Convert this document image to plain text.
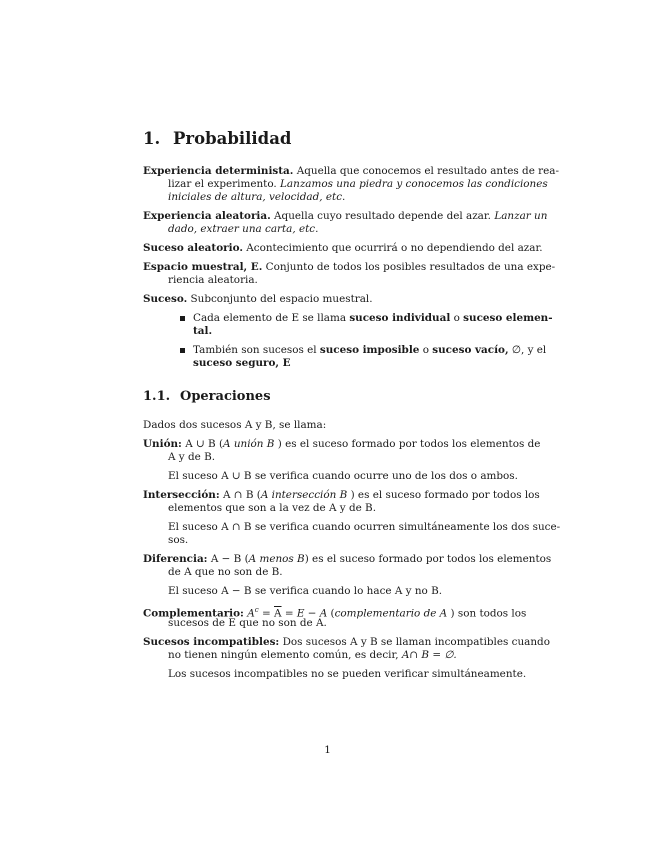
1. Probabilidad
Experiencia determinista. Aquella que conocemos el resultado antes de rea-
lizar el experimento. Lanzamos una piedra y conocemos las condiciones
iniciales de altura, velocidad, etc.
Experiencia aleatoria. Aquella cuyo resultado depende del azar. Lanzar un
dado, extraer una carta, etc.
Suceso aleatorio. Acontecimiento que ocurrirá o no dependiendo del azar.
Espacio muestral, E. Conjunto de todos los posibles resultados de una expe-
riencia aleatoria.
Suceso. Subconjunto del espacio muestral.
Cada elemento de E se llama suceso individual o suceso elemen-
tal.
También son sucesos el suceso imposible o suceso vacío, ∅, y el
suceso seguro, E
1.1. Operaciones
Dados dos sucesos A y B, se llama:
Unión: A ∪ B (A unión B ) es el suceso formado por todos los elementos de
A y de B.
El suceso A ∪ B se verifica cuando ocurre uno de los dos o ambos.
Intersección: A ∩ B (A intersección B ) es el suceso formado por todos los
elementos que son a la vez de A y de B.
El suceso A ∩ B se verifica cuando ocurren simultáneamente los dos suce-
sos.
Diferencia: A − B (A menos B) es el suceso formado por todos los elementos
de A que no son de B.
El suceso A − B se verifica cuando lo hace A y no B.
Complementario: $A^c = \overline{A} = E - A$ (complementario de A ) son todos los
sucesos de E que no son de A.
Sucesos incompatibles: Dos sucesos A y B se llaman incompatibles cuando
no tienen ningún elemento común, es decir, A∩ B = ∅.
Los sucesos incompatibles no se pueden verificar simultáneamente.
1
